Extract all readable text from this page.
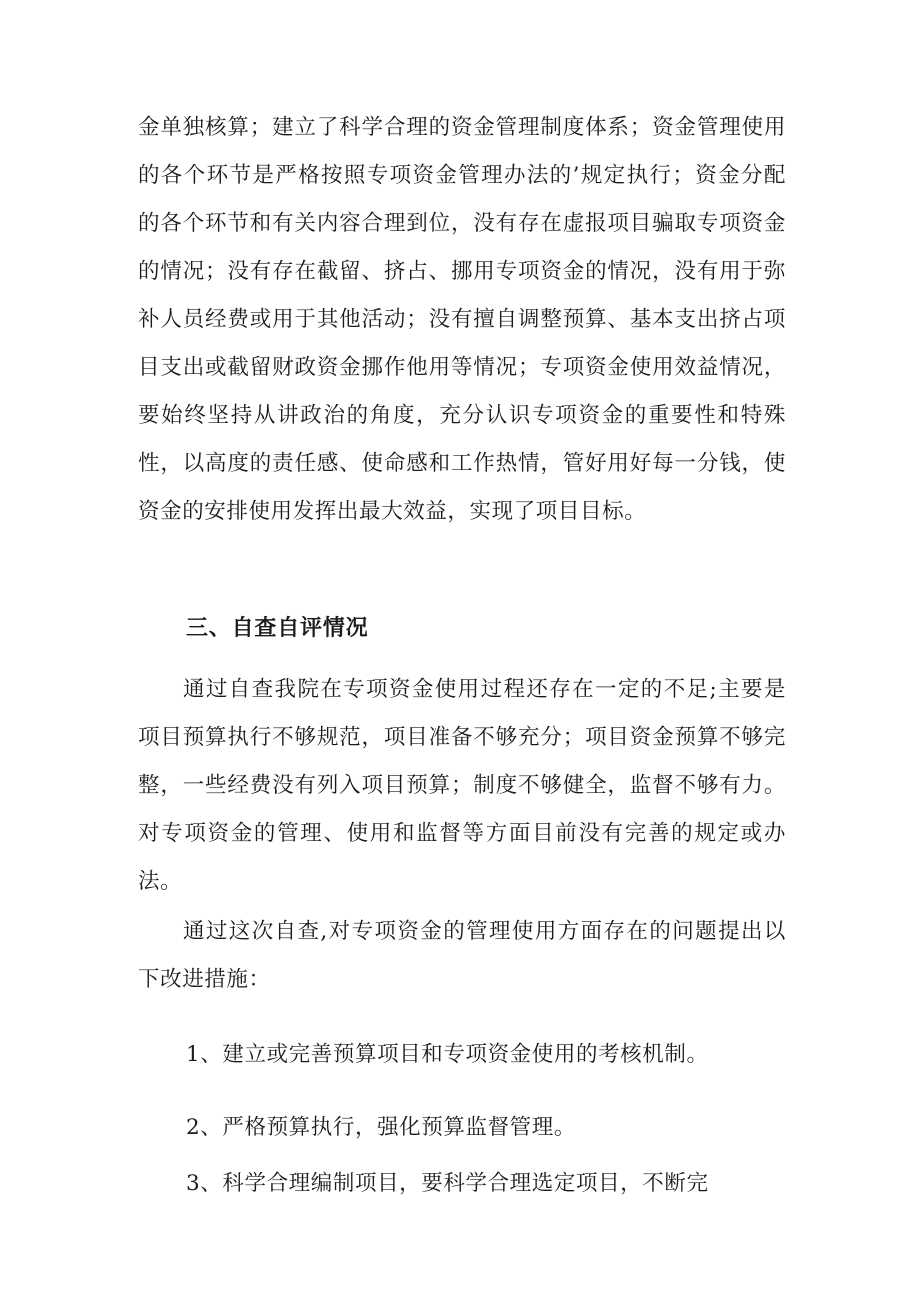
金单独核算；建立了科学合理的资金管理制度体系；资金管理使用的各个环节是严格按照专项资金管理办法的’规定执行；资金分配的各个环节和有关内容合理到位，没有存在虚报项目骗取专项资金的情况；没有存在截留、挤占、挪用专项资金的情况，没有用于弥补人员经费或用于其他活动；没有擅自调整预算、基本支出挤占项目支出或截留财政资金挪作他用等情况；专项资金使用效益情况，要始终坚持从讲政治的角度，充分认识专项资金的重要性和特殊性，以高度的责任感、使命感和工作热情，管好用好每一分钱，使资金的安排使用发挥出最大效益，实现了项目目标。

三、自查自评情况

通过自查我院在专项资金使用过程还存在一定的不足;主要是项目预算执行不够规范，项目准备不够充分；项目资金预算不够完整，一些经费没有列入项目预算；制度不够健全，监督不够有力。对专项资金的管理、使用和监督等方面目前没有完善的规定或办法。

通过这次自查,对专项资金的管理使用方面存在的问题提出以下改进措施：

1、建立或完善预算项目和专项资金使用的考核机制。

2、严格预算执行，强化预算监督管理。

3、科学合理编制项目，要科学合理选定项目，不断完
